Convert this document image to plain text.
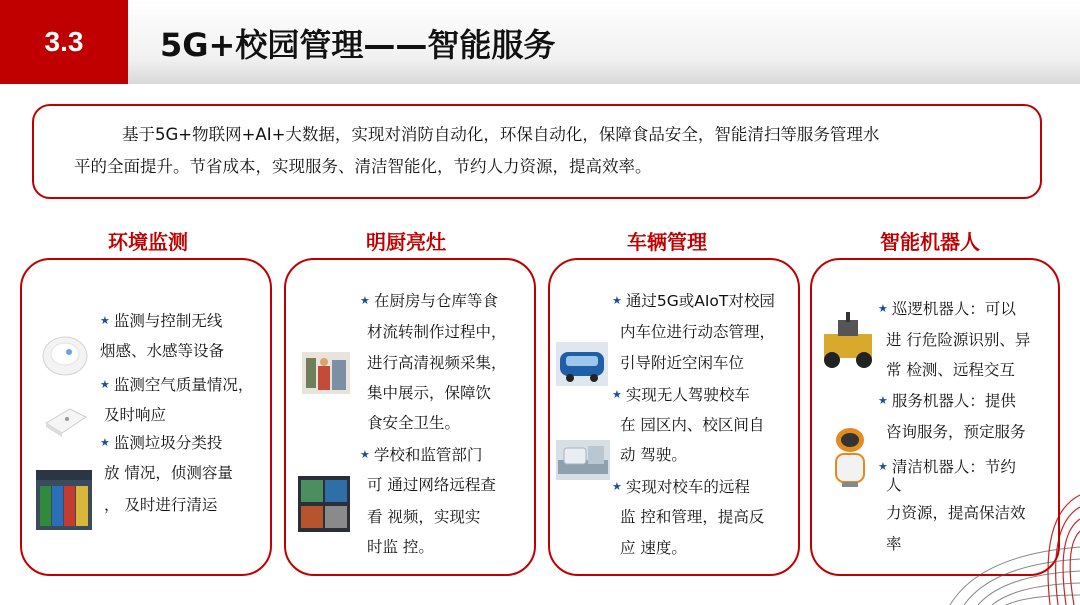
3.3	5G+校园管理——智能服务
基于5G+物联网+AI+大数据，实现对消防自动化，环保自动化，保障食品安全，智能清扫等服务管理水
平的全面提升。节省成本，实现服务、清洁智能化，节约人力资源，提高效率。
环境监测
★ 监测与控制无线
烟感、水感等设备
★ 监测空气质量情况，
及时响应
★ 监测垃圾分类投
放 情况，侦测容量
， 及时进行清运
明厨亮灶
★ 在厨房与仓库等食
材流转制作过程中，
进行高清视频采集，
集中展示，保障饮
食安全卫生。
★ 学校和监管部门
可 通过网络远程查
看 视频，实现实
时监 控。
车辆管理
★ 通过5G或AIoT对校园
内车位进行动态管理，
引导附近空闲车位
★ 实现无人驾驶校车
在 园区内、校区间自
动 驾驶。
★ 实现对校车的远程
监 控和管理，提高反
应 速度。
智能机器人
★ 巡逻机器人：可以
进 行危险源识别、异
常 检测、远程交互
★ 服务机器人：提供
咨询服务，预定服务
★ 清洁机器人：节约
人
力资源，提高保洁效
率
